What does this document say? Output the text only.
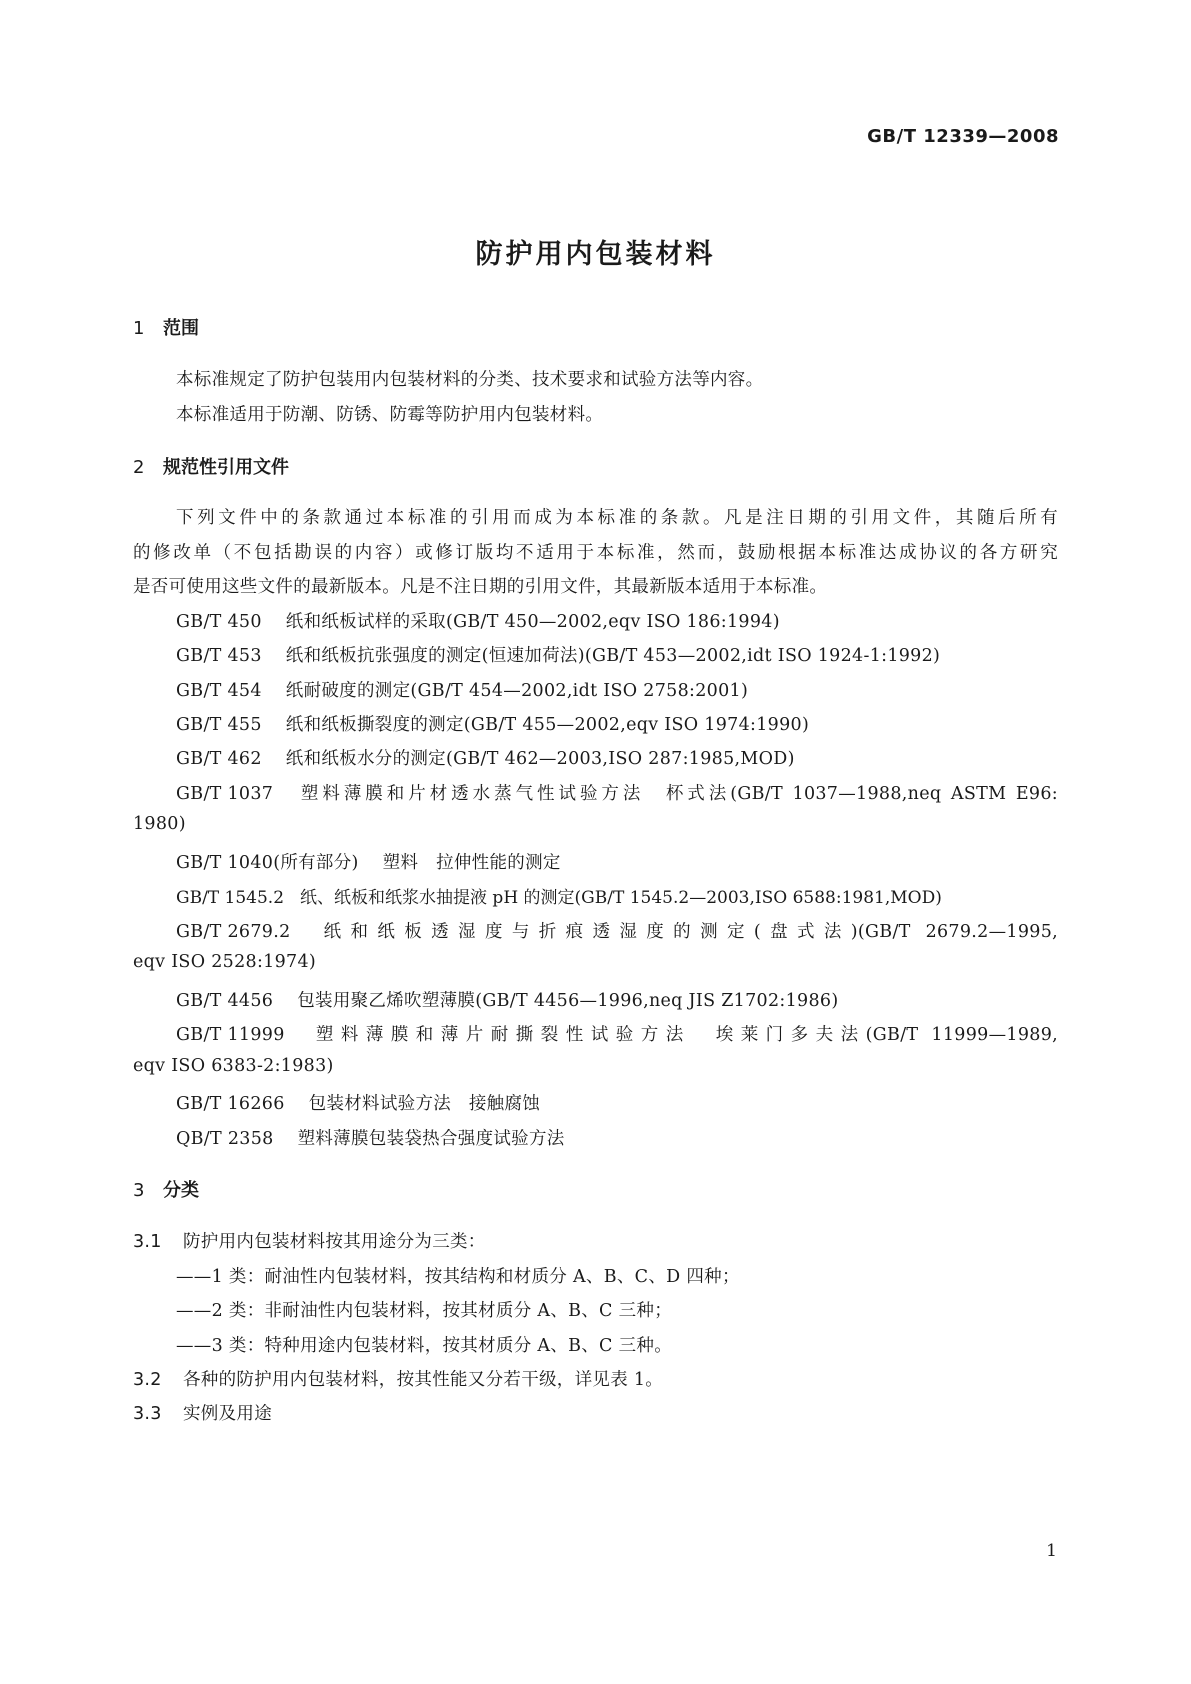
GB/T 12339—2008
防护用内包装材料
1 范围
本标准规定了防护包装用内包装材料的分类、技术要求和试验方法等内容。
本标准适用于防潮、防锈、防霉等防护用内包装材料。
2 规范性引用文件
下列文件中的条款通过本标准的引用而成为本标准的条款。凡是注日期的引用文件，其随后所有
的修改单（不包括勘误的内容）或修订版均不适用于本标准，然而，鼓励根据本标准达成协议的各方研究
是否可使用这些文件的最新版本。凡是不注日期的引用文件，其最新版本适用于本标准。
GB/T 450 纸和纸板试样的采取(GB/T 450—2002,eqv ISO 186:1994)
GB/T 453 纸和纸板抗张强度的测定(恒速加荷法)(GB/T 453—2002,idt ISO 1924-1:1992)
GB/T 454 纸耐破度的测定(GB/T 454—2002,idt ISO 2758:2001)
GB/T 455 纸和纸板撕裂度的测定(GB/T 455—2002,eqv ISO 1974:1990)
GB/T 462 纸和纸板水分的测定(GB/T 462—2003,ISO 287:1985,MOD)
GB/T 1037 塑料薄膜和片材透水蒸气性试验方法　杯式法(GB/T 1037—1988,neq ASTM E96:
1980)
GB/T 1040(所有部分) 塑料　拉伸性能的测定
GB/T 1545.2 纸、纸板和纸浆水抽提液 pH 的测定(GB/T 1545.2—2003,ISO 6588:1981,MOD)
GB/T 2679.2 纸和纸板透湿度与折痕透湿度的测定(盘式法)(GB/T 2679.2—1995,
eqv ISO 2528:1974)
GB/T 4456 包装用聚乙烯吹塑薄膜(GB/T 4456—1996,neq JIS Z1702:1986)
GB/T 11999 塑料薄膜和薄片耐撕裂性试验方法　埃莱门多夫法(GB/T 11999—1989,
eqv ISO 6383-2:1983)
GB/T 16266 包装材料试验方法　接触腐蚀
QB/T 2358 塑料薄膜包装袋热合强度试验方法
3 分类
3.1 防护用内包装材料按其用途分为三类：
——1 类：耐油性内包装材料，按其结构和材质分 A、B、C、D 四种；
——2 类：非耐油性内包装材料，按其材质分 A、B、C 三种；
——3 类：特种用途内包装材料，按其材质分 A、B、C 三种。
3.2 各种的防护用内包装材料，按其性能又分若干级，详见表 1。
3.3 实例及用途
1
